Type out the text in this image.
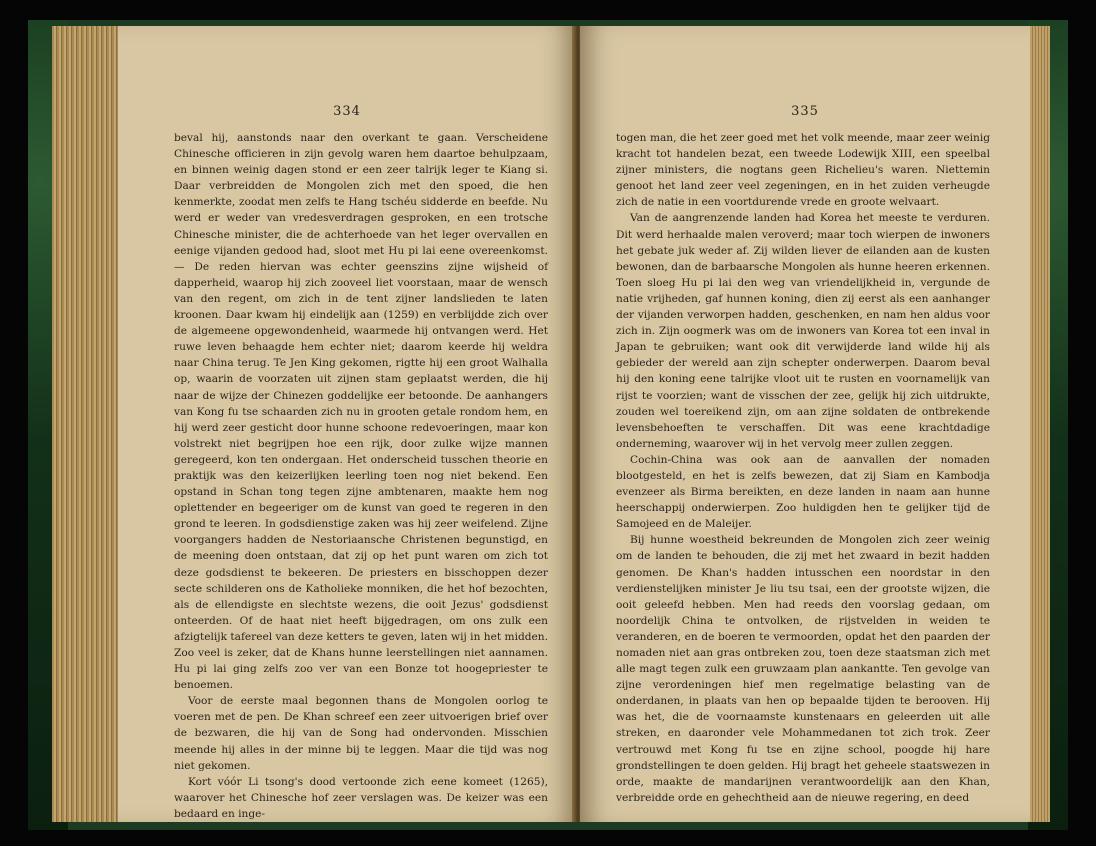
334

beval hij, aanstonds naar den overkant te gaan. Verscheidene Chinesche officieren in zijn gevolg waren hem daartoe behulpzaam, en binnen weinig dagen stond er een zeer talrijk leger te Kiang si. Daar verbreidden de Mongolen zich met den spoed, die hen kenmerkte, zoodat men zelfs te Hang tschéu sidderde en beefde. Nu werd er weder van vredesverdragen gesproken, en een trotsche Chinesche minister, die de achterhoede van het leger overvallen en eenige vijanden gedood had, sloot met Hu pi lai eene overeenkomst. — De reden hiervan was echter geenszins zijne wijsheid of dapperheid, waarop hij zich zooveel liet voorstaan, maar de wensch van den regent, om zich in de tent zijner landslieden te laten kroonen. Daar kwam hij eindelijk aan (1259) en verblijdde zich over de algemeene opgewondenheid, waarmede hij ontvangen werd. Het ruwe leven behaagde hem echter niet; daarom keerde hij weldra naar China terug. Te Jen King gekomen, rigtte hij een groot Walhalla op, waarin de voorzaten uit zijnen stam geplaatst werden, die hij naar de wijze der Chinezen goddelijke eer betoonde. De aanhangers van Kong fu tse schaarden zich nu in grooten getale rondom hem, en hij werd zeer gesticht door hunne schoone redevoeringen, maar kon volstrekt niet begrijpen hoe een rijk, door zulke wijze mannen geregeerd, kon ten ondergaan. Het onderscheid tusschen theorie en praktijk was den keizerlijken leerling toen nog niet bekend. Een opstand in Schan tong tegen zijne ambtenaren, maakte hem nog oplettender en begeeriger om de kunst van goed te regeren in den grond te leeren. In godsdienstige zaken was hij zeer weifelend. Zijne voorgangers hadden de Nestoriaansche Christenen begunstigd, en de meening doen ontstaan, dat zij op het punt waren om zich tot deze godsdienst te bekeeren. De priesters en bisschoppen dezer secte schilderen ons de Katholieke monniken, die het hof bezochten, als de ellendigste en slechtste wezens, die ooit Jezus' godsdienst onteerden. Of de haat niet heeft bijgedragen, om ons zulk een afzigtelijk tafereel van deze ketters te geven, laten wij in het midden. Zoo veel is zeker, dat de Khans hunne leerstellingen niet aannamen. Hu pi lai ging zelfs zoo ver van een Bonze tot hoogepriester te benoemen.

Voor de eerste maal begonnen thans de Mongolen oorlog te voeren met de pen. De Khan schreef een zeer uitvoerigen brief over de bezwaren, die hij van de Song had ondervonden. Misschien meende hij alles in der minne bij te leggen. Maar die tijd was nog niet gekomen.

Kort vóór Li tsong's dood vertoonde zich eene komeet (1265), waarover het Chinesche hof zeer verslagen was. De keizer was een bedaard en inge-

335

togen man, die het zeer goed met het volk meende, maar zeer weinig kracht tot handelen bezat, een tweede Lodewijk XIII, een speelbal zijner ministers, die nogtans geen Richelieu's waren. Niettemin genoot het land zeer veel zegeningen, en in het zuiden verheugde zich de natie in een voortdurende vrede en groote welvaart.

Van de aangrenzende landen had Korea het meeste te verduren. Dit werd herhaalde malen veroverd; maar toch wierpen de inwoners het gebate juk weder af. Zij wilden liever de eilanden aan de kusten bewonen, dan de barbaarsche Mongolen als hunne heeren erkennen. Toen sloeg Hu pi lai den weg van vriendelijkheid in, vergunde de natie vrijheden, gaf hunnen koning, dien zij eerst als een aanhanger der vijanden verworpen hadden, geschenken, en nam hen aldus voor zich in. Zijn oogmerk was om de inwoners van Korea tot een inval in Japan te gebruiken; want ook dit verwijderde land wilde hij als gebieder der wereld aan zijn schepter onderwerpen. Daarom beval hij den koning eene talrijke vloot uit te rusten en voornamelijk van rijst te voorzien; want de visschen der zee, gelijk hij zich uitdrukte, zouden wel toereikend zijn, om aan zijne soldaten de ontbrekende levensbehoeften te verschaffen. Dit was eene krachtdadige onderneming, waarover wij in het vervolg meer zullen zeggen.

Cochin-China was ook aan de aanvallen der nomaden blootgesteld, en het is zelfs bewezen, dat zij Siam en Kambodja evenzeer als Birma bereikten, en deze landen in naam aan hunne heerschappij onderwierpen. Zoo huldigden hen te gelijker tijd de Samojeed en de Maleijer.

Bij hunne woestheid bekreunden de Mongolen zich zeer weinig om de landen te behouden, die zij met het zwaard in bezit hadden genomen. De Khan's hadden intusschen een noordstar in den verdienstelijken minister Je liu tsu tsai, een der grootste wijzen, die ooit geleefd hebben. Men had reeds den voorslag gedaan, om noordelijk China te ontvolken, de rijstvelden in weiden te veranderen, en de boeren te vermoorden, opdat het den paarden der nomaden niet aan gras ontbreken zou, toen deze staatsman zich met alle magt tegen zulk een gruwzaam plan aankantte. Ten gevolge van zijne verordeningen hief men regelmatige belasting van de onderdanen, in plaats van hen op bepaalde tijden te berooven. Hij was het, die de voornaamste kunstenaars en geleerden uit alle streken, en daaronder vele Mohammedanen tot zich trok. Zeer vertrouwd met Kong fu tse en zijne school, poogde hij hare grondstellingen te doen gelden. Hij bragt het geheele staatswezen in orde, maakte de mandarijnen verantwoordelijk aan den Khan, verbreidde orde en gehechtheid aan de nieuwe regering, en deed
